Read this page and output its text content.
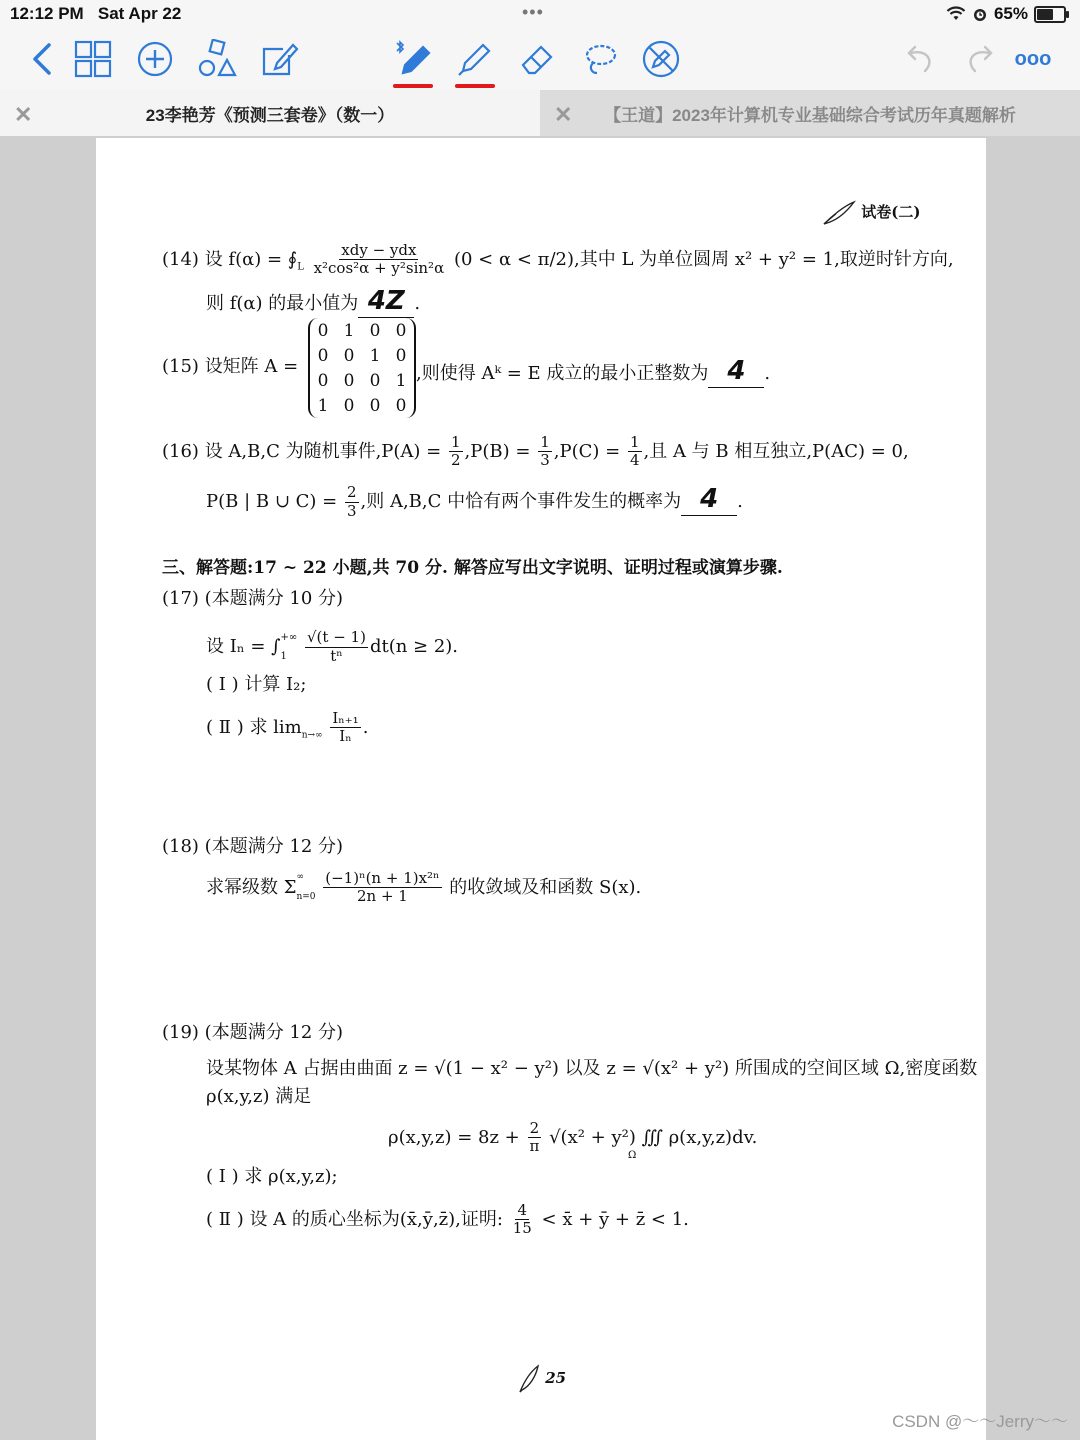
12:12 PM Sat Apr 22	•••	65%
ooo
✕	23李艳芳《预测三套卷》（数一）	✕ 【王道】2023年计算机专业基础综合考试历年真题解析
试卷(二)
(14) 设 $f(\alpha) = ∮_L \frac{\text{xdy − ydx}}{\text{x²cos²α + y²sin²α}} (0 < \alpha < \pi/2)$,其中 L 为单位圆周 x² + y² = 1,取逆时针方向,
则 f(α) 的最小值为 4Z .
(15) 设矩阵 A =
0 1 0 0
0 0 1 0
0 0 0 1
1 0 0 0
,则使得 Aᵏ = E 成立的最小正整数为 4 .
(16) 设 A,B,C 为随机事件$,P(A) = \frac{1}{2} ,P(B) = \frac{1}{3} ,P(C) = \frac{1}{4}$ ,且 A 与 B 相互独立,P(AC) = 0,
P(B | B ∪ $C) = \frac{2}{3}$ ,则 A,B,C 中恰有两个事件发生的概率为 4 .
三、解答题:17 ~ 22 小题,共 70 分. 解答应写出文字说明、证明过程或演算步骤.
(17) (本题满分 10 分)
设 Iₙ = ∫ +∞
1
	$\frac{√(t - 1)}{\text{tⁿ}} dt(n \ge 2)$.
( Ⅰ ) 计算 I₂;
( Ⅱ ) 求 $\lim_{n\to\infty} \frac{\text{Iₙ₊₁}}{\text{Iₙ}}$ .
(18) (本题满分 12 分)
求幂级数 Σ ∞
n=0
$\frac{\text{(−1)ⁿ(n + 1)x²ⁿ}}{2n + 1}$ 的收敛域及和函数 S(x).
(19) (本题满分 12 分)
设某物体 A 占据由曲面 z = √(1 − x² − y²) 以及 z = √(x² + y²) 所围成的空间区域 Ω,密度函数
ρ(x,y,z) 满足
$\rho(x,y,z) = 8z + \frac{2}{\pi} √(x^2 + y^2)$ ∭ ρ(x,y,z)dv.
Ω
( Ⅰ ) 求 ρ(x,y,z);
( Ⅱ ) 设 A 的质心坐标为(x̄,ȳ,z̄),证明: $\frac{4}{15}$ < x̄ + ȳ + z̄ < 1.
25
CSDN @～～Jerry～～
